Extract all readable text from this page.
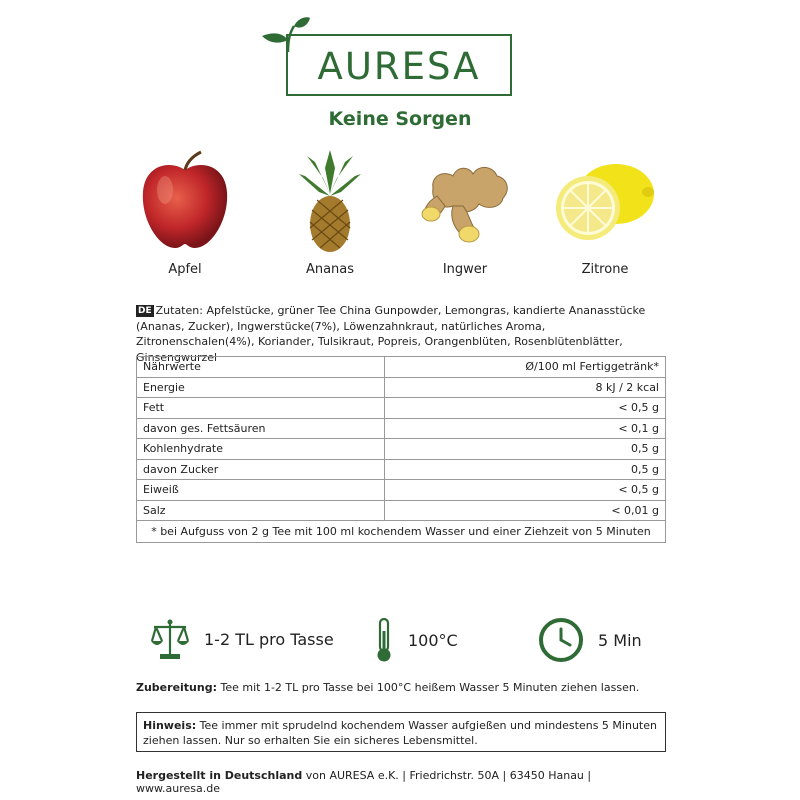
AURESA
Keine Sorgen
Apfel	Ananas	Ingwer	Zitrone
DE Zutaten: Apfelstücke, grüner Tee China Gunpowder, Lemongras, kandierte Ananasstücke (Ananas, Zucker), Ingwerstücke(7%), Löwenzahnkraut, natürliches Aroma, Zitronenschalen(4%), Koriander, Tulsikraut, Popreis, Orangenblüten, Rosenblütenblätter, Ginsengwurzel
Nährwerte	Ø/100 ml Fertiggetränk*
Energie	8 kJ / 2 kcal
Fett	< 0,5 g
davon ges. Fettsäuren	< 0,1 g
Kohlenhydrate	0,5 g
davon Zucker	0,5 g
Eiweiß	< 0,5 g
Salz	< 0,01 g
* bei Aufguss von 2 g Tee mit 100 ml kochendem Wasser und einer Ziehzeit von 5 Minuten	
1-2 TL pro Tasse	100°C	5 Min
Zubereitung: Tee mit 1-2 TL pro Tasse bei 100°C heißem Wasser 5 Minuten ziehen lassen.
Hinweis: Tee immer mit sprudelnd kochendem Wasser aufgießen und mindestens 5 Minuten ziehen lassen. Nur so erhalten Sie ein sicheres Lebensmittel.
Hergestellt in Deutschland von AURESA e.K. | Friedrichstr. 50A | 63450 Hanau | www.auresa.de
